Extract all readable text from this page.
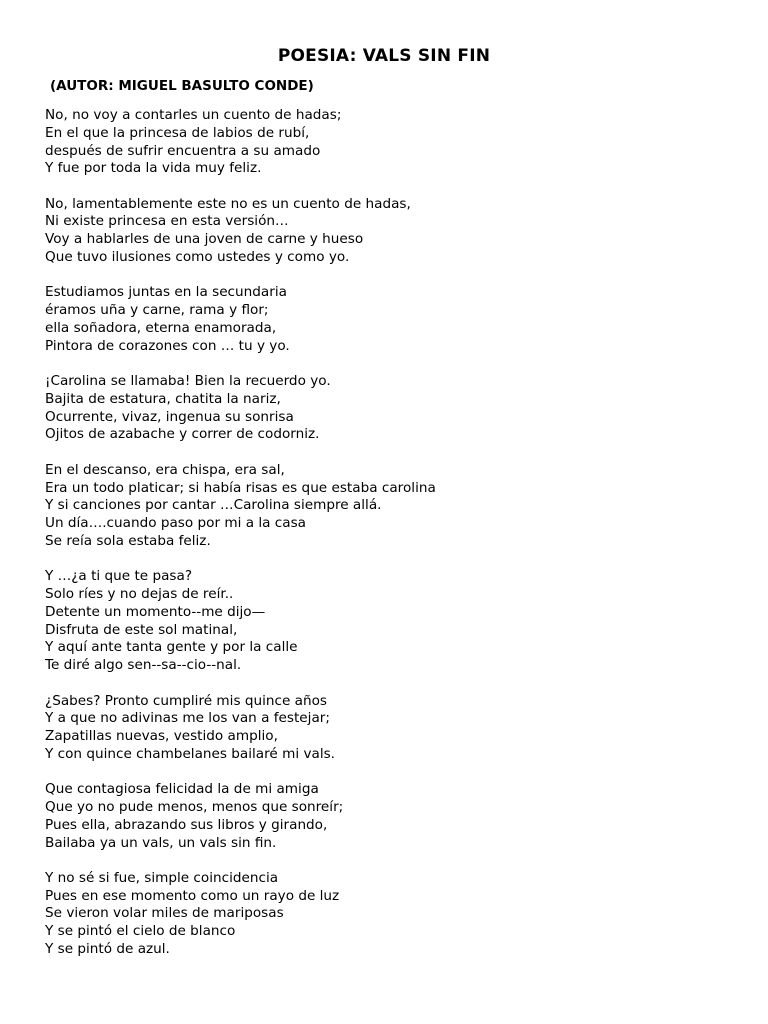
POESIA: VALS SIN FIN

(AUTOR: MIGUEL BASULTO CONDE)

No, no voy a contarles un cuento de hadas;
En el que la princesa de labios de rubí,
después de sufrir encuentra a su amado
Y fue por toda la vida muy feliz.
No, lamentablemente este no es un cuento de hadas,
Ni existe princesa en esta versión…
Voy a hablarles de una joven de carne y hueso
Que tuvo ilusiones como ustedes y como yo.
Estudiamos juntas en la secundaria
éramos uña y carne, rama y flor;
ella soñadora, eterna enamorada,
Pintora de corazones con … tu y yo.
¡Carolina se llamaba! Bien la recuerdo yo.
Bajita de estatura, chatita la nariz,
Ocurrente, vivaz, ingenua su sonrisa
Ojitos de azabache y correr de codorniz.
En el descanso, era chispa, era sal,
Era un todo platicar; si había risas es que estaba carolina
Y si canciones por cantar …Carolina siempre allá.
Un día….cuando paso por mi a la casa
Se reía sola estaba feliz.
Y …¿a ti que te pasa?
Solo ríes y no dejas de reír..
Detente un momento--me dijo—
Disfruta de este sol matinal,
Y aquí ante tanta gente y por la calle
Te diré algo sen--sa--cio--nal.
¿Sabes? Pronto cumpliré mis quince años
Y a que no adivinas me los van a festejar;
Zapatillas nuevas, vestido amplio,
Y con quince chambelanes bailaré mi vals.
Que contagiosa felicidad la de mi amiga
Que yo no pude menos, menos que sonreír;
Pues ella, abrazando sus libros y girando,
Bailaba ya un vals, un vals sin fin.
Y no sé si fue, simple coincidencia
Pues en ese momento como un rayo de luz
Se vieron volar miles de mariposas
Y se pintó el cielo de blanco
Y se pintó de azul.
